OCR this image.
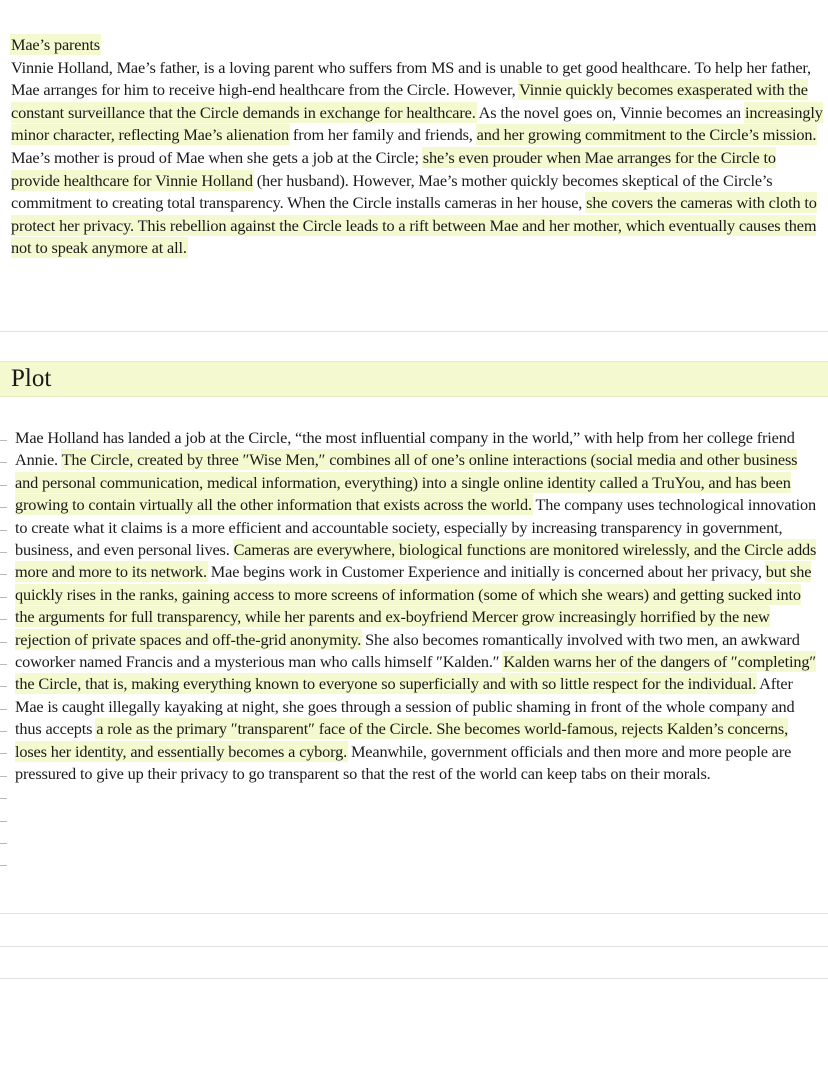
Mae’s parents

Vinnie Holland, Mae’s father, is a loving parent who suffers from MS and is unable to get good healthcare. To help her father, Mae arranges for him to receive high-end healthcare from the Circle. However, Vinnie quickly becomes exasperated with the constant surveillance that the Circle demands in exchange for healthcare. As the novel goes on, Vinnie becomes an increasingly minor character, reflecting Mae’s alienation from her family and friends, and her growing commitment to the Circle’s mission.

Mae’s mother is proud of Mae when she gets a job at the Circle; she’s even prouder when Mae arranges for the Circle to provide healthcare for Vinnie Holland (her husband). However, Mae’s mother quickly becomes skeptical of the Circle’s commitment to creating total transparency. When the Circle installs cameras in her house, she covers the cameras with cloth to protect her privacy. This rebellion against the Circle leads to a rift between Mae and her mother, which eventually causes them not to speak anymore at all.

Plot

Mae Holland has landed a job at the Circle, “the most influential company in the world,” with help from her college friend Annie. The Circle, created by three ″Wise Men,″ combines all of one’s online interactions (social media and other business and personal communication, medical information, everything) into a single online identity called a TruYou, and has been growing to contain virtually all the other information that exists across the world. The company uses technological innovation to create what it claims is a more efficient and accountable society, especially by increasing transparency in government, business, and even personal lives. Cameras are everywhere, biological functions are monitored wirelessly, and the Circle adds more and more to its network. Mae begins work in Customer Experience and initially is concerned about her privacy, but she quickly rises in the ranks, gaining access to more screens of information (some of which she wears) and getting sucked into the arguments for full transparency, while her parents and ex-boyfriend Mercer grow increasingly horrified by the new rejection of private spaces and off-the-grid anonymity. She also becomes romantically involved with two men, an awkward coworker named Francis and a mysterious man who calls himself ″Kalden.″ Kalden warns her of the dangers of ″completing″ the Circle, that is, making everything known to everyone so superficially and with so little respect for the individual. After Mae is caught illegally kayaking at night, she goes through a session of public shaming in front of the whole company and thus accepts a role as the primary ″transparent″ face of the Circle. She becomes world-famous, rejects Kalden’s concerns, loses her identity, and essentially becomes a cyborg. Meanwhile, government officials and then more and more people are pressured to give up their privacy to go transparent so that the rest of the world can keep tabs on their morals.
